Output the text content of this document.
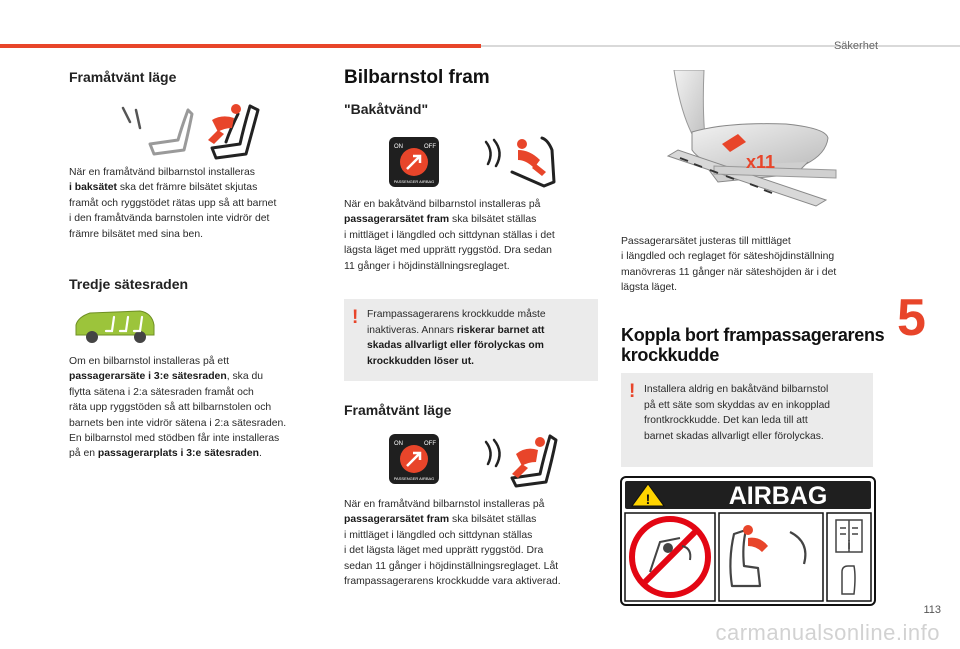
Säkerhet
5
113
carmanualsonline.info
Framåtvänt läge
När en framåtvänd bilbarnstol installeras
i baksätet ska det främre bilsätet skjutas
framåt och ryggstödet rätas upp så att barnet
i den framåtvända barnstolen inte vidrör det
främre bilsätet med sina ben.
Tredje sätesraden
Om en bilbarnstol installeras på ett
passagerarsäte i 3:e sätesraden, ska du
flytta sätena i 2:a sätesraden framåt och
räta upp ryggstöden så att bilbarnstolen och
barnets ben inte vidrör sätena i 2:a sätesraden.
En bilbarnstol med stödben får inte installeras
på en passagerarplats i 3:e sätesraden.
Bilbarnstol fram
"Bakåtvänd"
ON	OFF
PASSENGER AIRBAG
När en bakåtvänd bilbarnstol installeras på
passagerarsätet fram ska bilsätet ställas
i mittläget i längdled och sittdynan ställas i det
lägsta läget med upprätt ryggstöd. Dra sedan
11 gånger i höjdinställningsreglaget.
! Frampassagerarens krockkudde måste
inaktiveras. Annars riskerar barnet att
skadas allvarligt eller förolyckas om
krockkudden löser ut.
Framåtvänt läge
ON	OFF
PASSENGER AIRBAG
När en framåtvänd bilbarnstol installeras på
passagerarsätet fram ska bilsätet ställas
i mittläget i längdled och sittdynan ställas
i det lägsta läget med upprätt ryggstöd. Dra
sedan 11 gånger i höjdinställningsreglaget. Låt
frampassagerarens krockkudde vara aktiverad.
x11
Passagerarsätet justeras till mittläget
i längdled och reglaget för säteshöjdinställning
manövreras 11 gånger när säteshöjden är i det
lägsta läget.
Koppla bort frampassagerarens
krockkudde
! Installera aldrig en bakåtvänd bilbarnstol
på ett säte som skyddas av en inkopplad
frontkrockkudde. Det kan leda till att
barnet skadas allvarligt eller förolyckas.
!	AIRBAG
i
